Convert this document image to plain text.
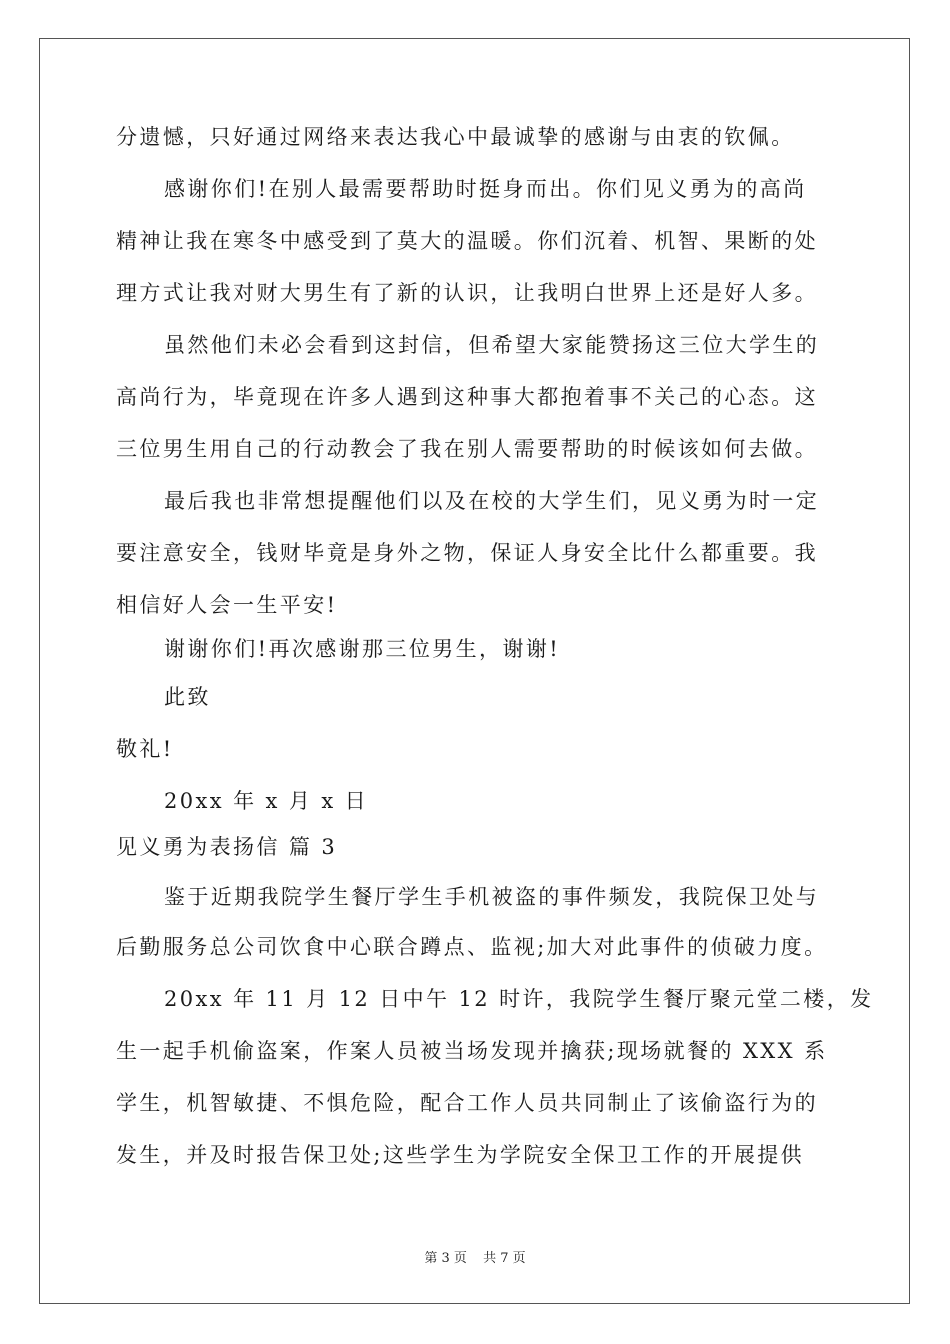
分遗憾，只好通过网络来表达我心中最诚挚的感谢与由衷的钦佩。
感谢你们!在别人最需要帮助时挺身而出。你们见义勇为的高尚
精神让我在寒冬中感受到了莫大的温暖。你们沉着、机智、果断的处
理方式让我对财大男生有了新的认识，让我明白世界上还是好人多。
虽然他们未必会看到这封信，但希望大家能赞扬这三位大学生的
高尚行为，毕竟现在许多人遇到这种事大都抱着事不关己的心态。这
三位男生用自己的行动教会了我在别人需要帮助的时候该如何去做。
最后我也非常想提醒他们以及在校的大学生们，见义勇为时一定
要注意安全，钱财毕竟是身外之物，保证人身安全比什么都重要。我
相信好人会一生平安!
谢谢你们!再次感谢那三位男生，谢谢!
此致
敬礼!
20xx 年 x 月 x 日
见义勇为表扬信 篇 3
鉴于近期我院学生餐厅学生手机被盗的事件频发，我院保卫处与
后勤服务总公司饮食中心联合蹲点、监视;加大对此事件的侦破力度。
20xx 年 11 月 12 日中午 12 时许，我院学生餐厅聚元堂二楼，发
生一起手机偷盗案，作案人员被当场发现并擒获;现场就餐的 XXX 系
学生，机智敏捷、不惧危险，配合工作人员共同制止了该偷盗行为的
发生，并及时报告保卫处;这些学生为学院安全保卫工作的开展提供
第 3 页 共 7 页
